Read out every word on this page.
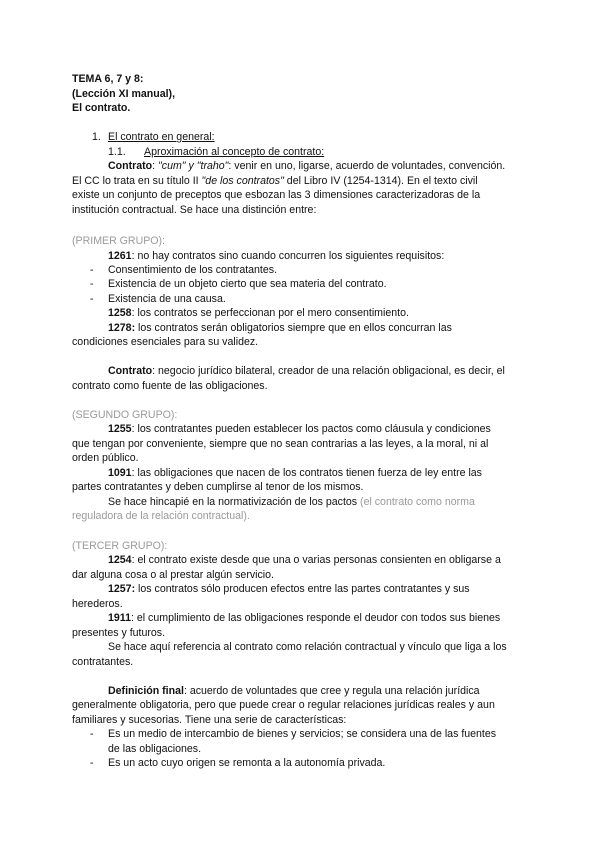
TEMA 6, 7 y 8:
(Lección XI manual),
El contrato.
1. El contrato en general:
1.1. Aproximación al concepto de contrato:
Contrato: "cum" y "traho": venir en uno, ligarse, acuerdo de voluntades, convención.
El CC lo trata en su título II "de los contratos" del Libro IV (1254-1314). En el texto civil
existe un conjunto de preceptos que esbozan las 3 dimensiones caracterizadoras de la
institución contractual. Se hace una distinción entre:
(PRIMER GRUPO):
1261: no hay contratos sino cuando concurren los siguientes requisitos:
- Consentimiento de los contratantes.
- Existencia de un objeto cierto que sea materia del contrato.
- Existencia de una causa.
1258: los contratos se perfeccionan por el mero consentimiento.
1278: los contratos serán obligatorios siempre que en ellos concurran las
condiciones esenciales para su validez.
Contrato: negocio jurídico bilateral, creador de una relación obligacional, es decir, el
contrato como fuente de las obligaciones.
(SEGUNDO GRUPO):
1255: los contratantes pueden establecer los pactos como cláusula y condiciones
que tengan por conveniente, siempre que no sean contrarias a las leyes, a la moral, ni al
orden público.
1091: las obligaciones que nacen de los contratos tienen fuerza de ley entre las
partes contratantes y deben cumplirse al tenor de los mismos.
Se hace hincapié en la normativización de los pactos (el contrato como norma
reguladora de la relación contractual).
(TERCER GRUPO):
1254: el contrato existe desde que una o varias personas consienten en obligarse a
dar alguna cosa o al prestar algún servicio.
1257: los contratos sólo producen efectos entre las partes contratantes y sus
herederos.
1911: el cumplimiento de las obligaciones responde el deudor con todos sus bienes
presentes y futuros.
Se hace aquí referencia al contrato como relación contractual y vínculo que liga a los
contratantes.
Definición final: acuerdo de voluntades que cree y regula una relación jurídica
generalmente obligatoria, pero que puede crear o regular relaciones jurídicas reales y aun
familiares y sucesorias. Tiene una serie de características:
- Es un medio de intercambio de bienes y servicios; se considera una de las fuentes
de las obligaciones.
- Es un acto cuyo origen se remonta a la autonomía privada.
